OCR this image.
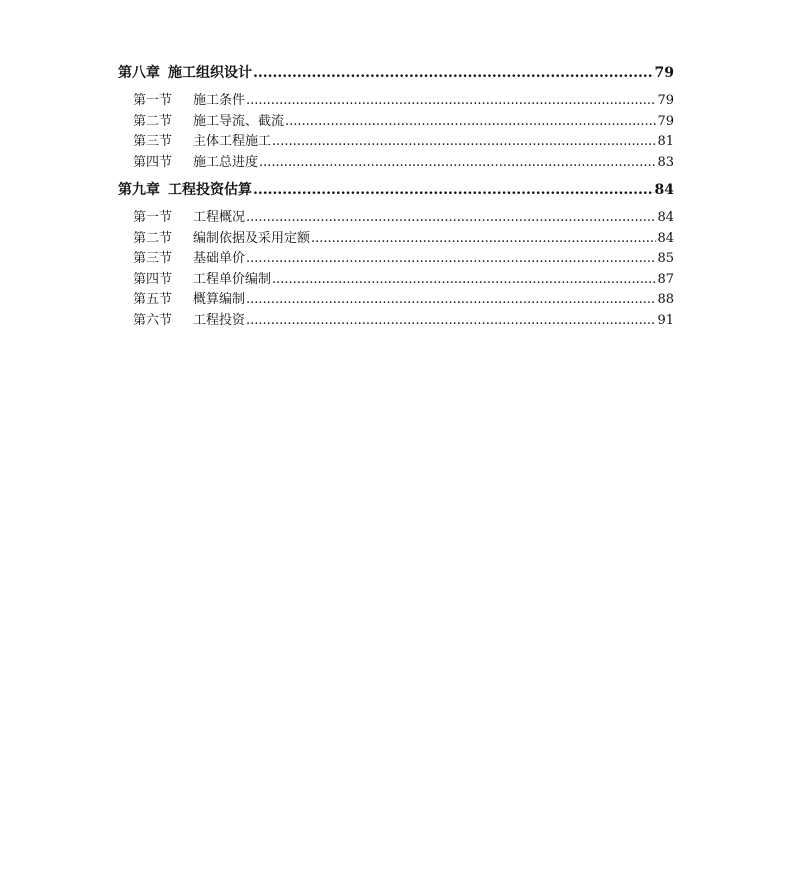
第八章 施工组织设计 .....	79
第一节	施工条件 .....	79
第二节	施工导流、截流 .....	79
第三节	主体工程施工 .....	81
第四节	施工总进度 .....	83
第九章 工程投资估算 .....	84
第一节	工程概况 .....	84
第二节	编制依据及采用定额 .....	84
第三节	基础单价 .....	85
第四节	工程单价编制 .....	87
第五节	概算编制 .....	88
第六节	工程投资 .....	91
